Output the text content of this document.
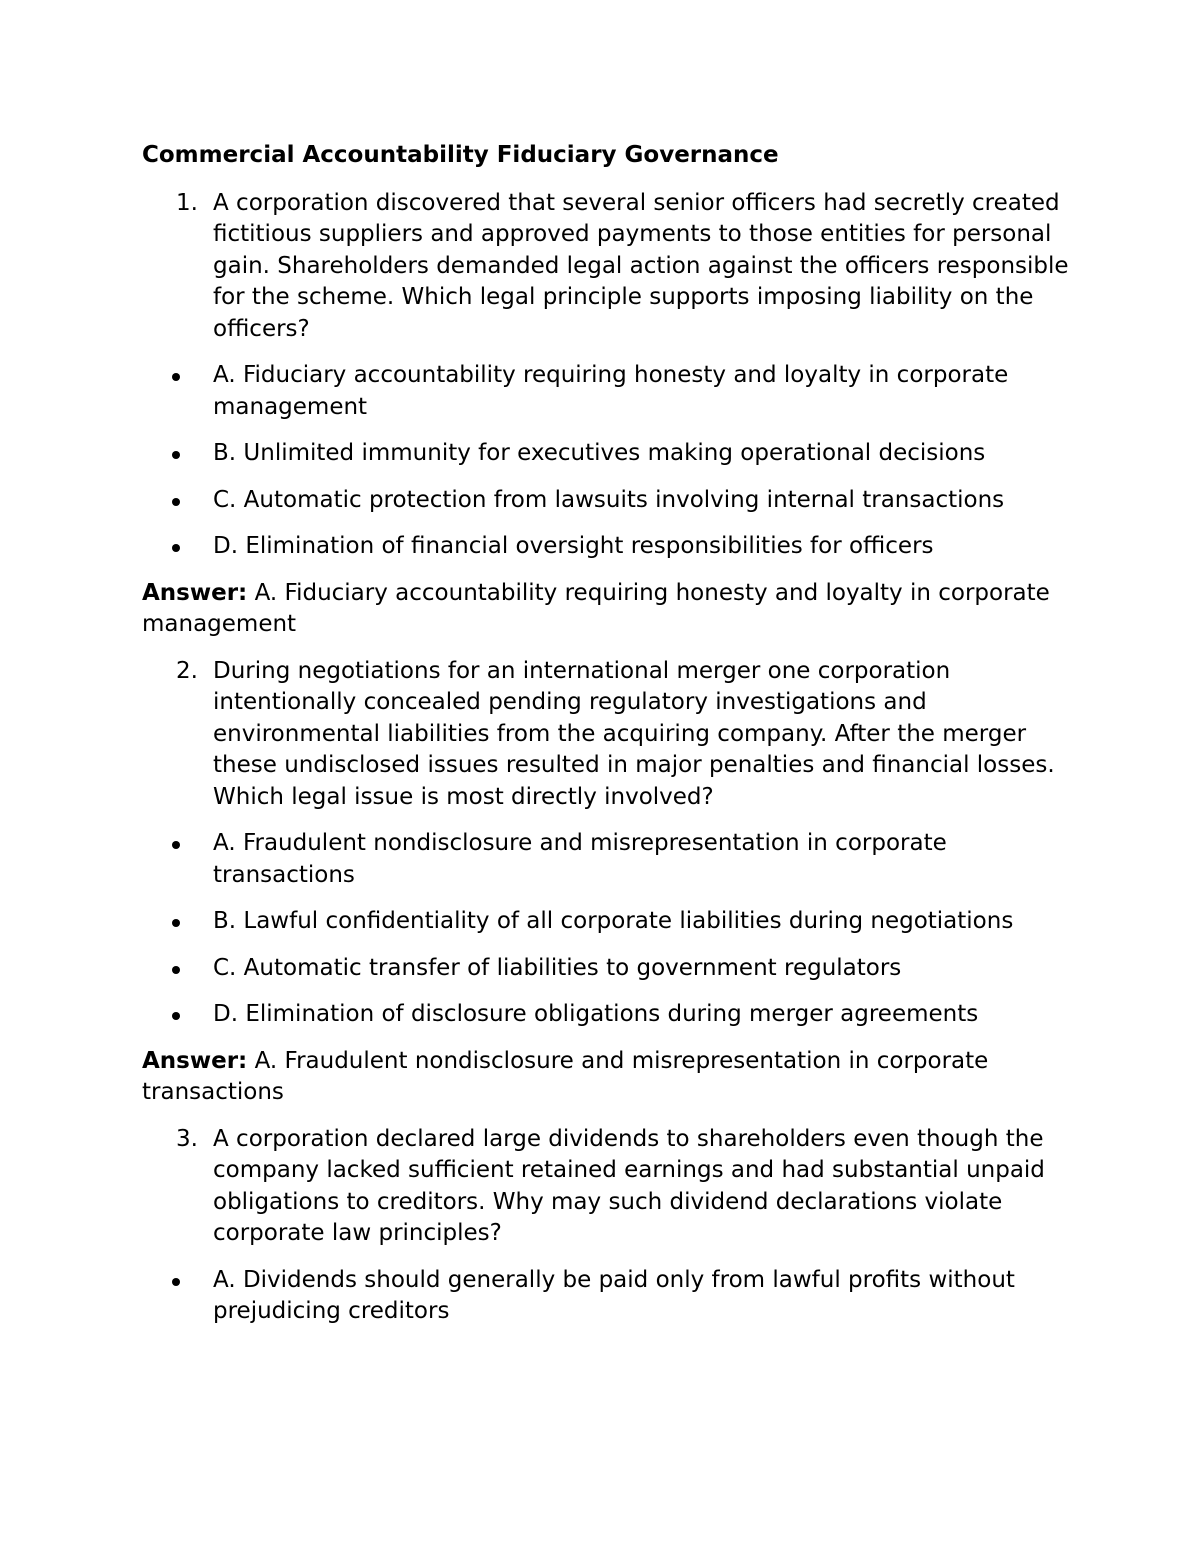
Commercial Accountability Fiduciary Governance
1. A corporation discovered that several senior officers had secretly created fictitious suppliers and approved payments to those entities for personal gain. Shareholders demanded legal action against the officers responsible for the scheme. Which legal principle supports imposing liability on the officers?
A. Fiduciary accountability requiring honesty and loyalty in corporate management
B. Unlimited immunity for executives making operational decisions
C. Automatic protection from lawsuits involving internal transactions
D. Elimination of financial oversight responsibilities for officers
Answer: A. Fiduciary accountability requiring honesty and loyalty in corporate management
2. During negotiations for an international merger one corporation intentionally concealed pending regulatory investigations and environmental liabilities from the acquiring company. After the merger these undisclosed issues resulted in major penalties and financial losses. Which legal issue is most directly involved?
A. Fraudulent nondisclosure and misrepresentation in corporate transactions
B. Lawful confidentiality of all corporate liabilities during negotiations
C. Automatic transfer of liabilities to government regulators
D. Elimination of disclosure obligations during merger agreements
Answer: A. Fraudulent nondisclosure and misrepresentation in corporate transactions
3. A corporation declared large dividends to shareholders even though the company lacked sufficient retained earnings and had substantial unpaid obligations to creditors. Why may such dividend declarations violate corporate law principles?
A. Dividends should generally be paid only from lawful profits without prejudicing creditors
